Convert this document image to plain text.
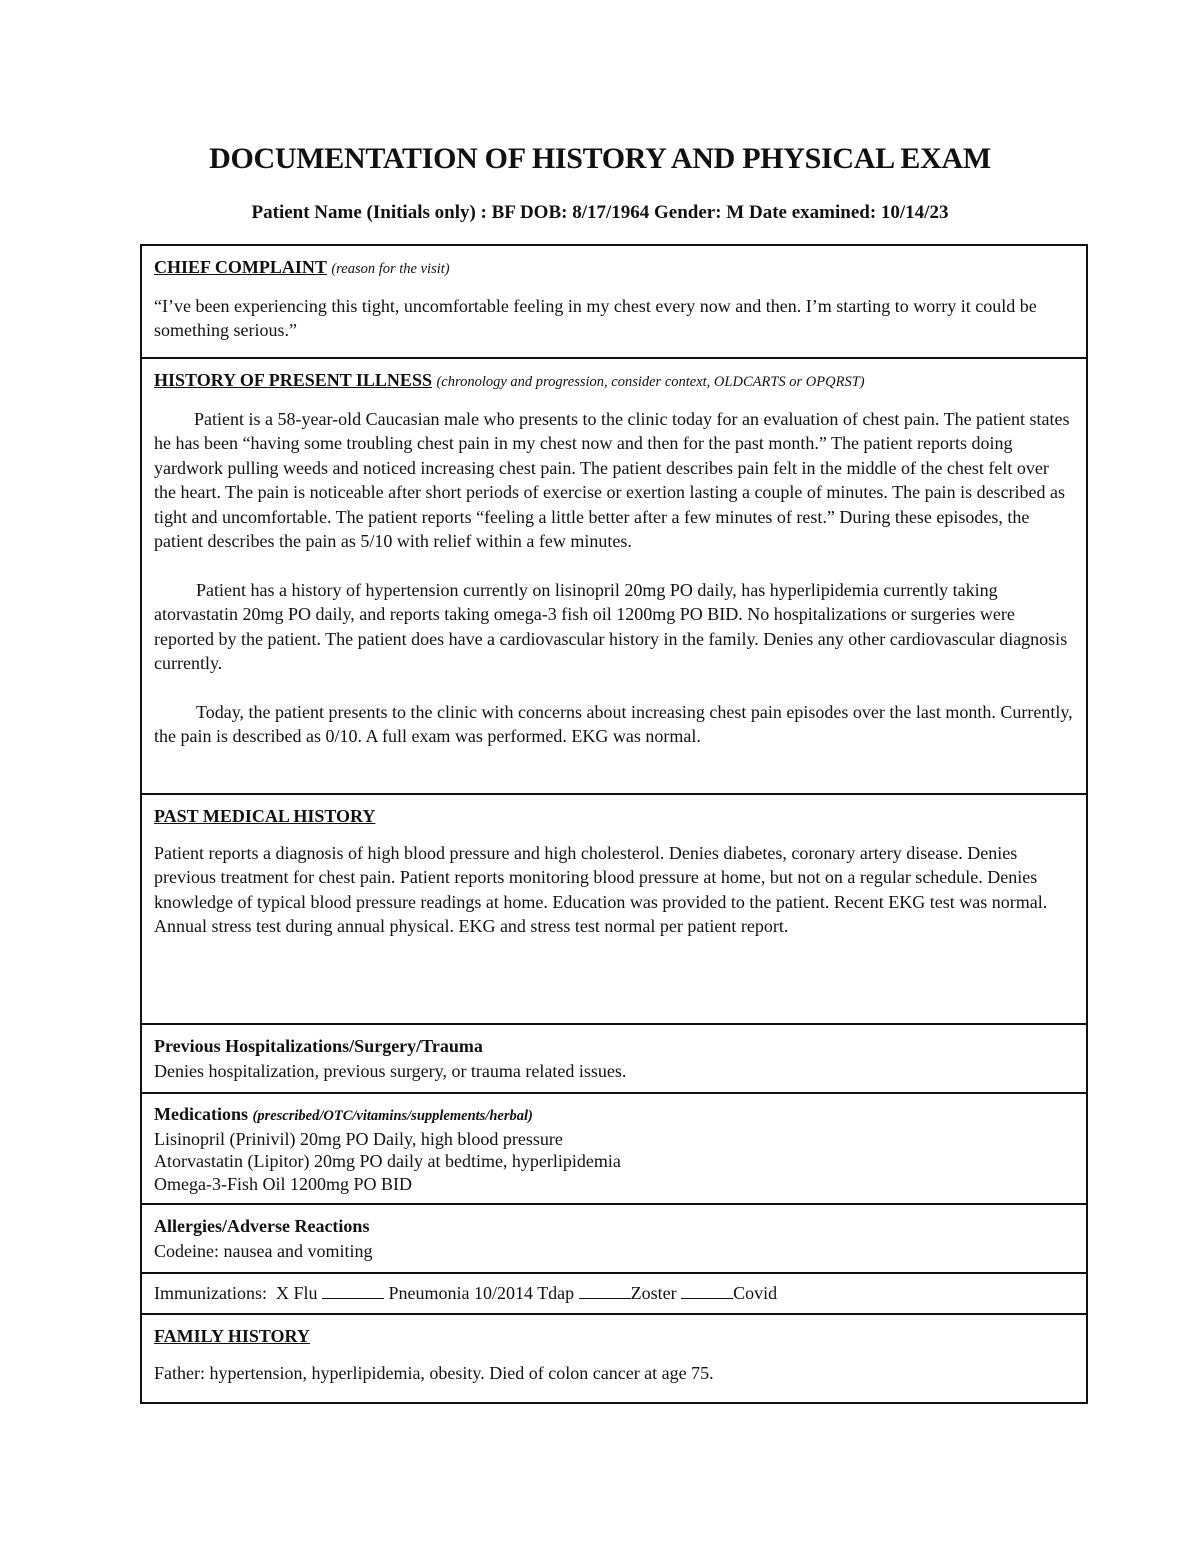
DOCUMENTATION OF HISTORY AND PHYSICAL EXAM
Patient Name (Initials only) : BF DOB: 8/17/1964 Gender: M Date examined: 10/14/23
CHIEF COMPLAINT (reason for the visit)

“I’ve been experiencing this tight, uncomfortable feeling in my chest every now and then. I’m starting to worry it could be something serious.”

HISTORY OF PRESENT ILLNESS (chronology and progression, consider context, OLDCARTS or OPQRST)

Patient is a 58-year-old Caucasian male who presents to the clinic today for an evaluation of chest pain. The patient states he has been “having some troubling chest pain in my chest now and then for the past month.” The patient reports doing yardwork pulling weeds and noticed increasing chest pain. The patient describes pain felt in the middle of the chest felt over the heart. The pain is noticeable after short periods of exercise or exertion lasting a couple of minutes. The pain is described as tight and uncomfortable. The patient reports “feeling a little better after a few minutes of rest.” During these episodes, the patient describes the pain as 5/10 with relief within a few minutes.

Patient has a history of hypertension currently on lisinopril 20mg PO daily, has hyperlipidemia currently taking atorvastatin 20mg PO daily, and reports taking omega-3 fish oil 1200mg PO BID. No hospitalizations or surgeries were reported by the patient. The patient does have a cardiovascular history in the family. Denies any other cardiovascular diagnosis currently.

Today, the patient presents to the clinic with concerns about increasing chest pain episodes over the last month. Currently, the pain is described as 0/10. A full exam was performed. EKG was normal.

PAST MEDICAL HISTORY

Patient reports a diagnosis of high blood pressure and high cholesterol. Denies diabetes, coronary artery disease. Denies previous treatment for chest pain. Patient reports monitoring blood pressure at home, but not on a regular schedule. Denies knowledge of typical blood pressure readings at home. Education was provided to the patient. Recent EKG test was normal. Annual stress test during annual physical. EKG and stress test normal per patient report.

Previous Hospitalizations/Surgery/Trauma
Denies hospitalization, previous surgery, or trauma related issues.

Medications (prescribed/OTC/vitamins/supplements/herbal)
Lisinopril (Prinivil) 20mg PO Daily, high blood pressure
Atorvastatin (Lipitor) 20mg PO daily at bedtime, hyperlipidemia
Omega-3-Fish Oil 1200mg PO BID

Allergies/Adverse Reactions
Codeine: nausea and vomiting

Immunizations: X Flu	Pneumonia 10/2014 Tdap	Zoster	Covid

FAMILY HISTORY
Father: hypertension, hyperlipidemia, obesity. Died of colon cancer at age 75.
